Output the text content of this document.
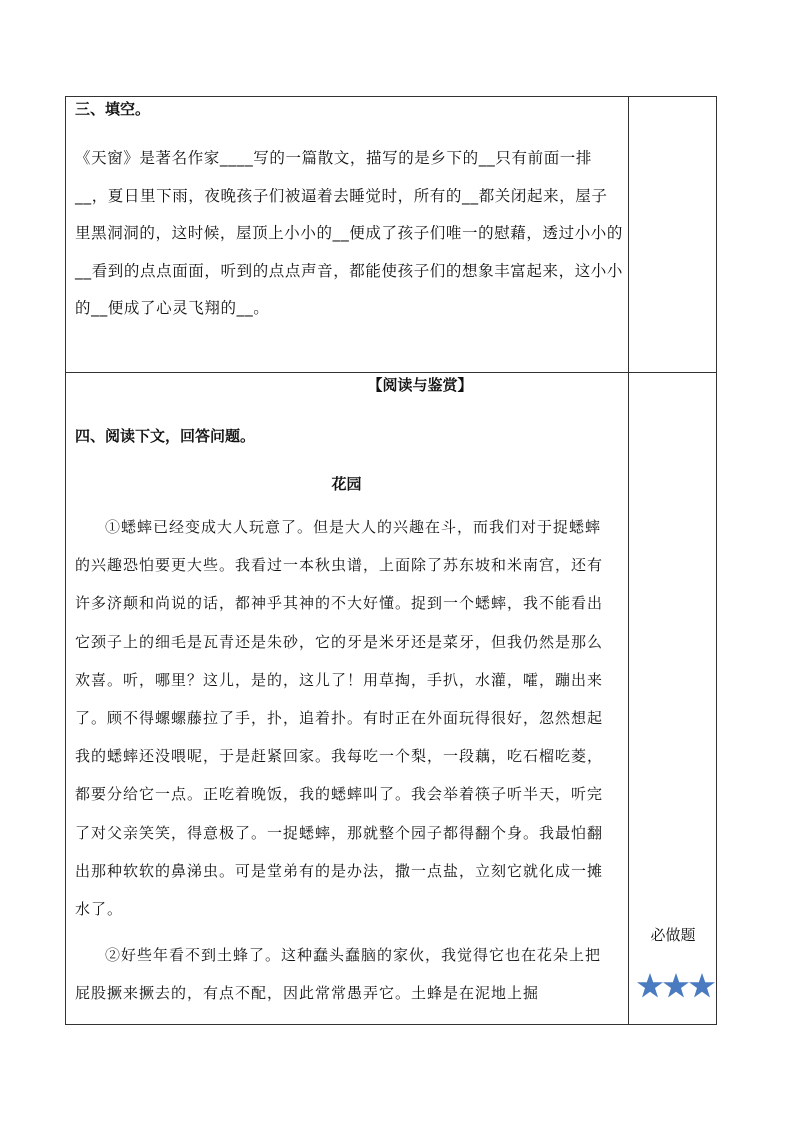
三、填空。
《天窗》是著名作家____写的一篇散文，描写的是乡下的__只有前面一排__，夏日里下雨，夜晚孩子们被逼着去睡觉时，所有的__都关闭起来，屋子里黑洞洞的，这时候，屋顶上小小的__便成了孩子们唯一的慰藉，透过小小的__看到的点点面面，听到的点点声音，都能使孩子们的想象丰富起来，这小小的__便成了心灵飞翔的__。
【阅读与鉴赏】
四、阅读下文，回答问题。
花园
①蟋蟀已经变成大人玩意了。但是大人的兴趣在斗，而我们对于捉蟋蟀的兴趣恐怕要更大些。我看过一本秋虫谱，上面除了苏东坡和米南宫，还有许多济颠和尚说的话，都神乎其神的不大好懂。捉到一个蟋蟀，我不能看出它颈子上的细毛是瓦青还是朱砂，它的牙是米牙还是菜牙，但我仍然是那么欢喜。听，哪里？这儿，是的，这儿了！用草掏，手扒，水灌，嚯，蹦出来了。顾不得螺螺藤拉了手，扑，追着扑。有时正在外面玩得很好，忽然想起我的蟋蟀还没喂呢，于是赶紧回家。我每吃一个梨，一段藕，吃石榴吃菱，都要分给它一点。正吃着晚饭，我的蟋蟀叫了。我会举着筷子听半天，听完了对父亲笑笑，得意极了。一捉蟋蟀，那就整个园子都得翻个身。我最怕翻出那种软软的鼻涕虫。可是堂弟有的是办法，撒一点盐，立刻它就化成一摊水了。
②好些年看不到土蜂了。这种蠢头蠢脑的家伙，我觉得它也在花朵上把屁股撅来撅去的，有点不配，因此常常愚弄它。土蜂是在泥地上掘
必做题
